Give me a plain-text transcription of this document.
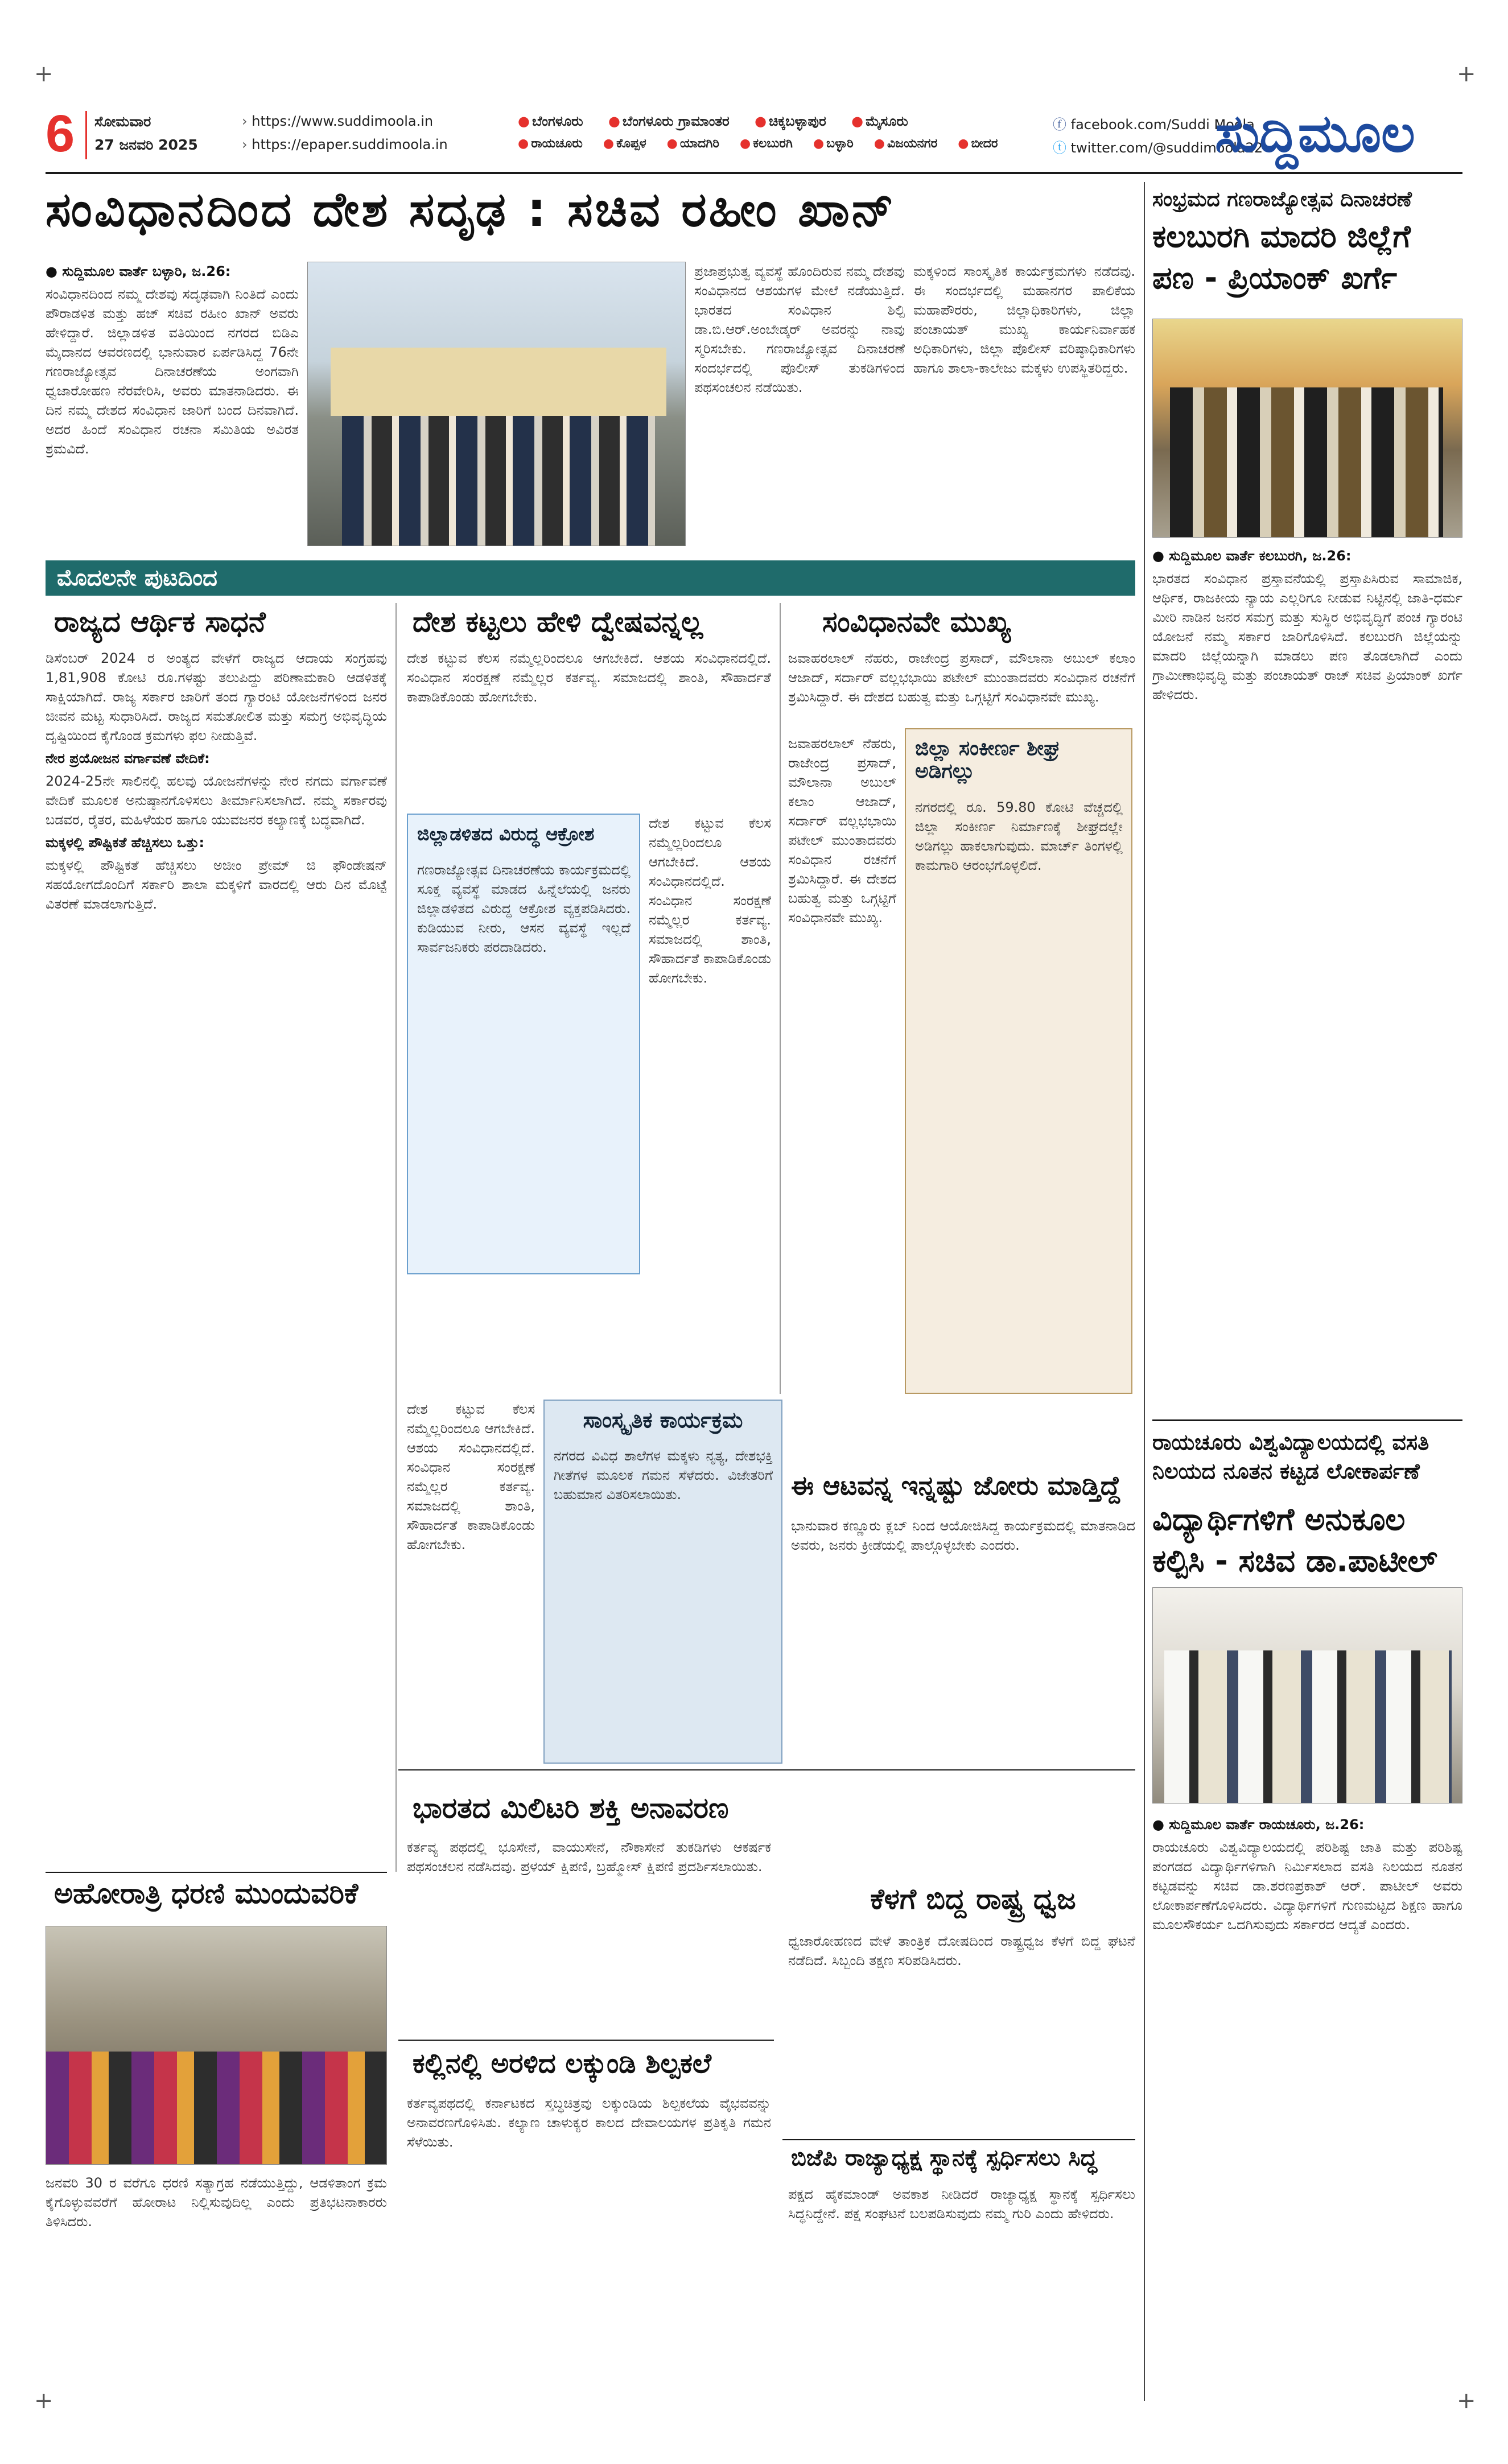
+	+
+	+
6 ಸೋಮವಾರ
27 ಜನವರಿ 2025
› https://www.suddimoola.in
› https://epaper.suddimoola.in
● ಬೆಂಗಳೂರು ● ಬೆಂಗಳೂರು ಗ್ರಾಮಾಂತರ ● ಚಿಕ್ಕಬಳ್ಳಾಪುರ ● ಮೈಸೂರು
● ರಾಯಚೂರು ● ಕೊಪ್ಪಳ ● ಯಾದಗಿರಿ ● ಕಲಬುರಗಿ ● ಬಳ್ಳಾರಿ ● ವಿಜಯನಗರ ● ಬೀದರ
ⓕ facebook.com/Suddi Moola
ⓣ twitter.com/@suddimoola22
ಸುದ್ದಿಮೂಲ
ಸಂವಿಧಾನದಿಂದ ದೇಶ ಸದೃಢ : ಸಚಿವ ರಹೀಂ ಖಾನ್

● ಸುದ್ದಿಮೂಲ ವಾರ್ತೆ ಬಳ್ಳಾರಿ, ಜ.26:

ಸಂವಿಧಾನದಿಂದ ನಮ್ಮ ದೇಶವು ಸದೃಢವಾಗಿ ನಿಂತಿದೆ ಎಂದು ಪೌರಾಡಳಿತ ಮತ್ತು ಹಜ್ ಸಚಿವ ರಹೀಂ ಖಾನ್ ಅವರು ಹೇಳಿದ್ದಾರೆ. ಜಿಲ್ಲಾಡಳಿತ ವತಿಯಿಂದ ನಗರದ ಬಿಡಿಎ ಮೈದಾನದ ಆವರಣದಲ್ಲಿ ಭಾನುವಾರ ಏರ್ಪಡಿಸಿದ್ದ 76ನೇ ಗಣರಾಜ್ಯೋತ್ಸವ ದಿನಾಚರಣೆಯ ಅಂಗವಾಗಿ ಧ್ವಜಾರೋಹಣ ನೆರವೇರಿಸಿ, ಅವರು ಮಾತನಾಡಿದರು. ಈ ದಿನ ನಮ್ಮ ದೇಶದ ಸಂವಿಧಾನ ಜಾರಿಗೆ ಬಂದ ದಿನವಾಗಿದೆ. ಅದರ ಹಿಂದೆ ಸಂವಿಧಾನ ರಚನಾ ಸಮಿತಿಯ ಅವಿರತ ಶ್ರಮವಿದೆ.

ಪ್ರಜಾಪ್ರಭುತ್ವ ವ್ಯವಸ್ಥೆ ಹೊಂದಿರುವ ನಮ್ಮ ದೇಶವು ಸಂವಿಧಾನದ ಆಶಯಗಳ ಮೇಲೆ ನಡೆಯುತ್ತಿದೆ. ಭಾರತದ ಸಂವಿಧಾನ ಶಿಲ್ಪಿ ಡಾ.ಬಿ.ಆರ್.ಅಂಬೇಡ್ಕರ್ ಅವರನ್ನು ನಾವು ಸ್ಮರಿಸಬೇಕು. ಗಣರಾಜ್ಯೋತ್ಸವ ದಿನಾಚರಣೆ ಸಂದರ್ಭದಲ್ಲಿ ಪೊಲೀಸ್ ತುಕಡಿಗಳಿಂದ ಪಥಸಂಚಲನ ನಡೆಯಿತು.

ಮಕ್ಕಳಿಂದ ಸಾಂಸ್ಕೃತಿಕ ಕಾರ್ಯಕ್ರಮಗಳು ನಡೆದವು. ಈ ಸಂದರ್ಭದಲ್ಲಿ ಮಹಾನಗರ ಪಾಲಿಕೆಯ ಮಹಾಪೌರರು, ಜಿಲ್ಲಾಧಿಕಾರಿಗಳು, ಜಿಲ್ಲಾ ಪಂಚಾಯತ್ ಮುಖ್ಯ ಕಾರ್ಯನಿರ್ವಾಹಕ ಅಧಿಕಾರಿಗಳು, ಜಿಲ್ಲಾ ಪೊಲೀಸ್ ವರಿಷ್ಠಾಧಿಕಾರಿಗಳು ಹಾಗೂ ಶಾಲಾ-ಕಾಲೇಜು ಮಕ್ಕಳು ಉಪಸ್ಥಿತರಿದ್ದರು.

ಮೊದಲನೇ ಪುಟದಿಂದ
ರಾಜ್ಯದ ಆರ್ಥಿಕ ಸಾಧನೆ	ದೇಶ ಕಟ್ಟಲು ಹೇಳಿ ದ್ವೇಷವನ್ನಲ್ಲ	ಸಂವಿಧಾನವೇ ಮುಖ್ಯ

ಡಿಸೆಂಬರ್ 2024 ರ ಅಂತ್ಯದ ವೇಳೆಗೆ ರಾಜ್ಯದ ಆದಾಯ ಸಂಗ್ರಹವು 1,81,908 ಕೋಟಿ ರೂ.ಗಳಷ್ಟು ತಲುಪಿದ್ದು ಪರಿಣಾಮಕಾರಿ ಆಡಳಿತಕ್ಕೆ ಸಾಕ್ಷಿಯಾಗಿದೆ. ರಾಜ್ಯ ಸರ್ಕಾರ ಜಾರಿಗೆ ತಂದ ಗ್ಯಾರಂಟಿ ಯೋಜನೆಗಳಿಂದ ಜನರ ಜೀವನ ಮಟ್ಟ ಸುಧಾರಿಸಿದೆ. ರಾಜ್ಯದ ಸಮತೋಲಿತ ಮತ್ತು ಸಮಗ್ರ ಅಭಿವೃದ್ಧಿಯ ದೃಷ್ಟಿಯಿಂದ ಕೈಗೊಂಡ ಕ್ರಮಗಳು ಫಲ ನೀಡುತ್ತಿವೆ.

ನೇರ ಪ್ರಯೋಜನ ವರ್ಗಾವಣೆ ವೇದಿಕೆ:

2024-25ನೇ ಸಾಲಿನಲ್ಲಿ ಹಲವು ಯೋಜನೆಗಳನ್ನು ನೇರ ನಗದು ವರ್ಗಾವಣೆ ವೇದಿಕೆ ಮೂಲಕ ಅನುಷ್ಠಾನಗೊಳಿಸಲು ತೀರ್ಮಾನಿಸಲಾಗಿದೆ. ನಮ್ಮ ಸರ್ಕಾರವು ಬಡವರ, ರೈತರ, ಮಹಿಳೆಯರ ಹಾಗೂ ಯುವಜನರ ಕಲ್ಯಾಣಕ್ಕೆ ಬದ್ಧವಾಗಿದೆ.

ಮಕ್ಕಳಲ್ಲಿ ಪೌಷ್ಟಿಕತೆ ಹೆಚ್ಚಿಸಲು ಒತ್ತು:

ಮಕ್ಕಳಲ್ಲಿ ಪೌಷ್ಟಿಕತೆ ಹೆಚ್ಚಿಸಲು ಅಜೀಂ ಪ್ರೇಮ್ ಜಿ ಫೌಂಡೇಷನ್ ಸಹಯೋಗದೊಂದಿಗೆ ಸರ್ಕಾರಿ ಶಾಲಾ ಮಕ್ಕಳಿಗೆ ವಾರದಲ್ಲಿ ಆರು ದಿನ ಮೊಟ್ಟೆ ವಿತರಣೆ ಮಾಡಲಾಗುತ್ತಿದೆ.

ದೇಶ ಕಟ್ಟುವ ಕೆಲಸ ನಮ್ಮೆಲ್ಲರಿಂದಲೂ ಆಗಬೇಕಿದೆ. ಆಶಯ ಸಂವಿಧಾನದಲ್ಲಿದೆ. ಸಂವಿಧಾನ ಸಂರಕ್ಷಣೆ ನಮ್ಮೆಲ್ಲರ ಕರ್ತವ್ಯ. ಸಮಾಜದಲ್ಲಿ ಶಾಂತಿ, ಸೌಹಾರ್ದತೆ ಕಾಪಾಡಿಕೊಂಡು ಹೋಗಬೇಕು.

ಜಿಲ್ಲಾಡಳಿತದ ವಿರುದ್ಧ ಆಕ್ರೋಶ
ಗಣರಾಜ್ಯೋತ್ಸವ ದಿನಾಚರಣೆಯ ಕಾರ್ಯಕ್ರಮದಲ್ಲಿ ಸೂಕ್ತ ವ್ಯವಸ್ಥೆ ಮಾಡದ ಹಿನ್ನೆಲೆಯಲ್ಲಿ ಜನರು ಜಿಲ್ಲಾಡಳಿತದ ವಿರುದ್ಧ ಆಕ್ರೋಶ ವ್ಯಕ್ತಪಡಿಸಿದರು. ಕುಡಿಯುವ ನೀರು, ಆಸನ ವ್ಯವಸ್ಥೆ ಇಲ್ಲದೆ ಸಾರ್ವಜನಿಕರು ಪರದಾಡಿದರು.

ದೇಶ ಕಟ್ಟುವ ಕೆಲಸ ನಮ್ಮೆಲ್ಲರಿಂದಲೂ ಆಗಬೇಕಿದೆ. ಆಶಯ ಸಂವಿಧಾನದಲ್ಲಿದೆ. ಸಂವಿಧಾನ ಸಂರಕ್ಷಣೆ ನಮ್ಮೆಲ್ಲರ ಕರ್ತವ್ಯ. ಸಮಾಜದಲ್ಲಿ ಶಾಂತಿ, ಸೌಹಾರ್ದತೆ ಕಾಪಾಡಿಕೊಂಡು ಹೋಗಬೇಕು.

ಜವಾಹರಲಾಲ್ ನೆಹರು, ರಾಜೇಂದ್ರ ಪ್ರಸಾದ್, ಮೌಲಾನಾ ಅಬುಲ್ ಕಲಾಂ ಆಜಾದ್, ಸರ್ದಾರ್ ವಲ್ಲಭಭಾಯಿ ಪಟೇಲ್ ಮುಂತಾದವರು ಸಂವಿಧಾನ ರಚನೆಗೆ ಶ್ರಮಿಸಿದ್ದಾರೆ. ಈ ದೇಶದ ಬಹುತ್ವ ಮತ್ತು ಒಗ್ಗಟ್ಟಿಗೆ ಸಂವಿಧಾನವೇ ಮುಖ್ಯ.

ಜಿಲ್ಲಾ ಸಂಕೀರ್ಣ ಶೀಘ್ರ ಅಡಿಗಲ್ಲು
ನಗರದಲ್ಲಿ ರೂ. 59.80 ಕೋಟಿ ವೆಚ್ಚದಲ್ಲಿ ಜಿಲ್ಲಾ ಸಂಕೀರ್ಣ ನಿರ್ಮಾಣಕ್ಕೆ ಶೀಘ್ರದಲ್ಲೇ ಅಡಿಗಲ್ಲು ಹಾಕಲಾಗುವುದು. ಮಾರ್ಚ್ ತಿಂಗಳಲ್ಲಿ ಕಾಮಗಾರಿ ಆರಂಭಗೊಳ್ಳಲಿದೆ.

ಜವಾಹರಲಾಲ್ ನೆಹರು, ರಾಜೇಂದ್ರ ಪ್ರಸಾದ್, ಮೌಲಾನಾ ಅಬುಲ್ ಕಲಾಂ ಆಜಾದ್, ಸರ್ದಾರ್ ವಲ್ಲಭಭಾಯಿ ಪಟೇಲ್ ಮುಂತಾದವರು ಸಂವಿಧಾನ ರಚನೆಗೆ ಶ್ರಮಿಸಿದ್ದಾರೆ. ಈ ದೇಶದ ಬಹುತ್ವ ಮತ್ತು ಒಗ್ಗಟ್ಟಿಗೆ ಸಂವಿಧಾನವೇ ಮುಖ್ಯ.

ಸಾಂಸ್ಕೃತಿಕ ಕಾರ್ಯಕ್ರಮ
ನಗರದ ವಿವಿಧ ಶಾಲೆಗಳ ಮಕ್ಕಳು ನೃತ್ಯ, ದೇಶಭಕ್ತಿ ಗೀತೆಗಳ ಮೂಲಕ ಗಮನ ಸೆಳೆದರು. ವಿಜೇತರಿಗೆ ಬಹುಮಾನ ವಿತರಿಸಲಾಯಿತು.

ದೇಶ ಕಟ್ಟುವ ಕೆಲಸ ನಮ್ಮೆಲ್ಲರಿಂದಲೂ ಆಗಬೇಕಿದೆ. ಆಶಯ ಸಂವಿಧಾನದಲ್ಲಿದೆ. ಸಂವಿಧಾನ ಸಂರಕ್ಷಣೆ ನಮ್ಮೆಲ್ಲರ ಕರ್ತವ್ಯ. ಸಮಾಜದಲ್ಲಿ ಶಾಂತಿ, ಸೌಹಾರ್ದತೆ ಕಾಪಾಡಿಕೊಂಡು ಹೋಗಬೇಕು.

ಈ ಆಟವನ್ನ ಇನ್ನಷ್ಟು ಜೋರು ಮಾಡ್ತಿದ್ದೆ

ಭಾನುವಾರ ಕಣ್ಣೂರು ಕ್ಲಬ್ ನಿಂದ ಆಯೋಜಿಸಿದ್ದ ಕಾರ್ಯಕ್ರಮದಲ್ಲಿ ಮಾತನಾಡಿದ ಅವರು, ಜನರು ಕ್ರೀಡೆಯಲ್ಲಿ ಪಾಲ್ಗೊಳ್ಳಬೇಕು ಎಂದರು.

ಭಾರತದ ಮಿಲಿಟರಿ ಶಕ್ತಿ ಅನಾವರಣ

ಕರ್ತವ್ಯ ಪಥದಲ್ಲಿ ಭೂಸೇನೆ, ವಾಯುಸೇನೆ, ನೌಕಾಸೇನೆ ತುಕಡಿಗಳು ಆಕರ್ಷಕ ಪಥಸಂಚಲನ ನಡೆಸಿದವು. ಪ್ರಳಯ್ ಕ್ಷಿಪಣಿ, ಬ್ರಹ್ಮೋಸ್ ಕ್ಷಿಪಣಿ ಪ್ರದರ್ಶಿಸಲಾಯಿತು.

ಕೆಳಗೆ ಬಿದ್ದ ರಾಷ್ಟ್ರ ಧ್ವಜ

ಧ್ವಜಾರೋಹಣದ ವೇಳೆ ತಾಂತ್ರಿಕ ದೋಷದಿಂದ ರಾಷ್ಟ್ರಧ್ವಜ ಕೆಳಗೆ ಬಿದ್ದ ಘಟನೆ ನಡೆದಿದೆ. ಸಿಬ್ಬಂದಿ ತಕ್ಷಣ ಸರಿಪಡಿಸಿದರು.

ಅಹೋರಾತ್ರಿ ಧರಣಿ ಮುಂದುವರಿಕೆ

ಜನವರಿ 30 ರ ವರೆಗೂ ಧರಣಿ ಸತ್ಯಾಗ್ರಹ ನಡೆಯುತ್ತಿದ್ದು, ಆಡಳಿತಾಂಗ ಕ್ರಮ ಕೈಗೊಳ್ಳುವವರೆಗೆ ಹೋರಾಟ ನಿಲ್ಲಿಸುವುದಿಲ್ಲ ಎಂದು ಪ್ರತಿಭಟನಾಕಾರರು ತಿಳಿಸಿದರು.

ಕಲ್ಲಿನಲ್ಲಿ ಅರಳಿದ ಲಕ್ಕುಂಡಿ ಶಿಲ್ಪಕಲೆ

ಕರ್ತವ್ಯಪಥದಲ್ಲಿ ಕರ್ನಾಟಕದ ಸ್ತಬ್ಧಚಿತ್ರವು ಲಕ್ಕುಂಡಿಯ ಶಿಲ್ಪಕಲೆಯ ವೈಭವವನ್ನು ಅನಾವರಣಗೊಳಿಸಿತು. ಕಲ್ಯಾಣ ಚಾಳುಕ್ಯರ ಕಾಲದ ದೇವಾಲಯಗಳ ಪ್ರತಿಕೃತಿ ಗಮನ ಸೆಳೆಯಿತು.

ಬಿಜೆಪಿ ರಾಜ್ಯಾಧ್ಯಕ್ಷ ಸ್ಥಾನಕ್ಕೆ ಸ್ಪರ್ಧಿಸಲು ಸಿದ್ಧ

ಪಕ್ಷದ ಹೈಕಮಾಂಡ್ ಅವಕಾಶ ನೀಡಿದರೆ ರಾಜ್ಯಾಧ್ಯಕ್ಷ ಸ್ಥಾನಕ್ಕೆ ಸ್ಪರ್ಧಿಸಲು ಸಿದ್ಧನಿದ್ದೇನೆ. ಪಕ್ಷ ಸಂಘಟನೆ ಬಲಪಡಿಸುವುದು ನಮ್ಮ ಗುರಿ ಎಂದು ಹೇಳಿದರು.

ಸಂಭ್ರಮದ ಗಣರಾಜ್ಯೋತ್ಸವ ದಿನಾಚರಣೆ
ಕಲಬುರಗಿ ಮಾದರಿ ಜಿಲ್ಲೆಗೆ ಪಣ - ಪ್ರಿಯಾಂಕ್ ಖರ್ಗೆ

● ಸುದ್ದಿಮೂಲ ವಾರ್ತೆ ಕಲಬುರಗಿ, ಜ.26:

ಭಾರತದ ಸಂವಿಧಾನ ಪ್ರಸ್ತಾವನೆಯಲ್ಲಿ ಪ್ರಸ್ತಾಪಿಸಿರುವ ಸಾಮಾಜಿಕ, ಆರ್ಥಿಕ, ರಾಜಕೀಯ ನ್ಯಾಯ ಎಲ್ಲರಿಗೂ ನೀಡುವ ನಿಟ್ಟಿನಲ್ಲಿ ಜಾತಿ-ಧರ್ಮ ಮೀರಿ ನಾಡಿನ ಜನರ ಸಮಗ್ರ ಮತ್ತು ಸುಸ್ಥಿರ ಅಭಿವೃದ್ಧಿಗೆ ಪಂಚ ಗ್ಯಾರಂಟಿ ಯೋಜನೆ ನಮ್ಮ ಸರ್ಕಾರ ಜಾರಿಗೊಳಿಸಿದೆ. ಕಲಬುರಗಿ ಜಿಲ್ಲೆಯನ್ನು ಮಾದರಿ ಜಿಲ್ಲೆಯನ್ನಾಗಿ ಮಾಡಲು ಪಣ ತೊಡಲಾಗಿದೆ ಎಂದು ಗ್ರಾಮೀಣಾಭಿವೃದ್ಧಿ ಮತ್ತು ಪಂಚಾಯತ್ ರಾಜ್ ಸಚಿವ ಪ್ರಿಯಾಂಕ್ ಖರ್ಗೆ ಹೇಳಿದರು.

ರಾಯಚೂರು ವಿಶ್ವವಿದ್ಯಾಲಯದಲ್ಲಿ ವಸತಿ ನಿಲಯದ ನೂತನ ಕಟ್ಟಡ ಲೋಕಾರ್ಪಣೆ
ವಿದ್ಯಾರ್ಥಿಗಳಿಗೆ ಅನುಕೂಲ ಕಲ್ಪಿಸಿ - ಸಚಿವ ಡಾ.ಪಾಟೀಲ್

● ಸುದ್ದಿಮೂಲ ವಾರ್ತೆ ರಾಯಚೂರು, ಜ.26:

ರಾಯಚೂರು ವಿಶ್ವವಿದ್ಯಾಲಯದಲ್ಲಿ ಪರಿಶಿಷ್ಟ ಜಾತಿ ಮತ್ತು ಪರಿಶಿಷ್ಟ ಪಂಗಡದ ವಿದ್ಯಾರ್ಥಿಗಳಿಗಾಗಿ ನಿರ್ಮಿಸಲಾದ ವಸತಿ ನಿಲಯದ ನೂತನ ಕಟ್ಟಡವನ್ನು ಸಚಿವ ಡಾ.ಶರಣಪ್ರಕಾಶ್ ಆರ್. ಪಾಟೀಲ್ ಅವರು ಲೋಕಾರ್ಪಣೆಗೊಳಿಸಿದರು. ವಿದ್ಯಾರ್ಥಿಗಳಿಗೆ ಗುಣಮಟ್ಟದ ಶಿಕ್ಷಣ ಹಾಗೂ ಮೂಲಸೌಕರ್ಯ ಒದಗಿಸುವುದು ಸರ್ಕಾರದ ಆದ್ಯತೆ ಎಂದರು.
